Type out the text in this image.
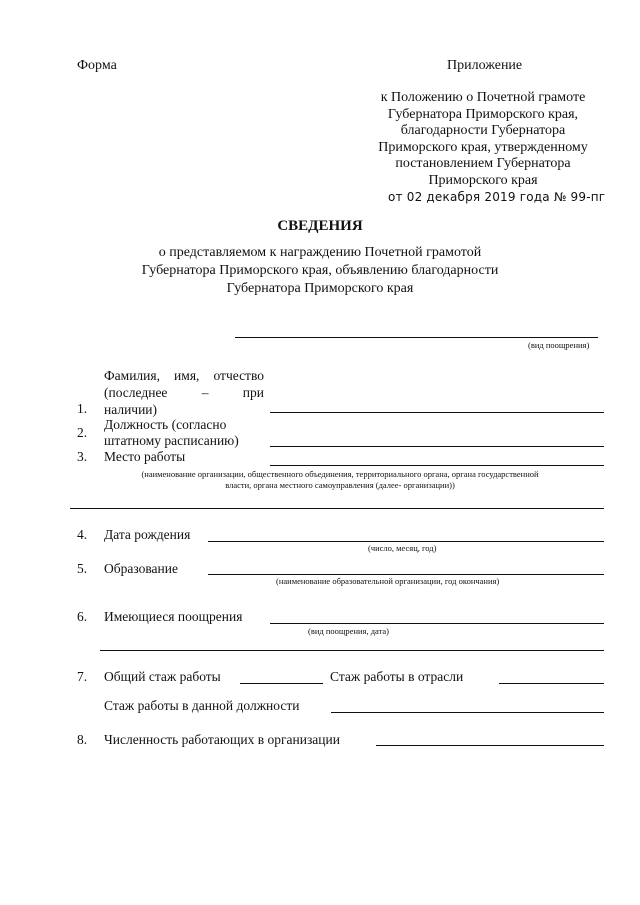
Форма	Приложение
к Положению о Почетной грамоте
Губернатора Приморского края,
благодарности Губернатора
Приморского края, утвержденному
постановлением Губернатора
Приморского края
от 02 декабря 2019 года № 99-пг
СВЕДЕНИЯ
о представляемом к награждению Почетной грамотой
Губернатора Приморского края, объявлению благодарности
Губернатора Приморского края
(вид поощрения)
1.
Фамилия, имя, отчество
(последнее – при
наличии)
2.
Должность (согласно
штатному расписанию)
3. Место работы
(наименование организации, общественного объединения, территориального органа, органа государственной
власти, органа местного самоуправления (далее- организации))
4. Дата рождения
(число, месяц, год)
5. Образование
(наименование образовательной организации, год окончания)
6. Имеющиеся поощрения
(вид поощрения, дата)
7. Общий стаж работы	Стаж работы в отрасли
Стаж работы в данной должности
8. Численность работающих в организации
